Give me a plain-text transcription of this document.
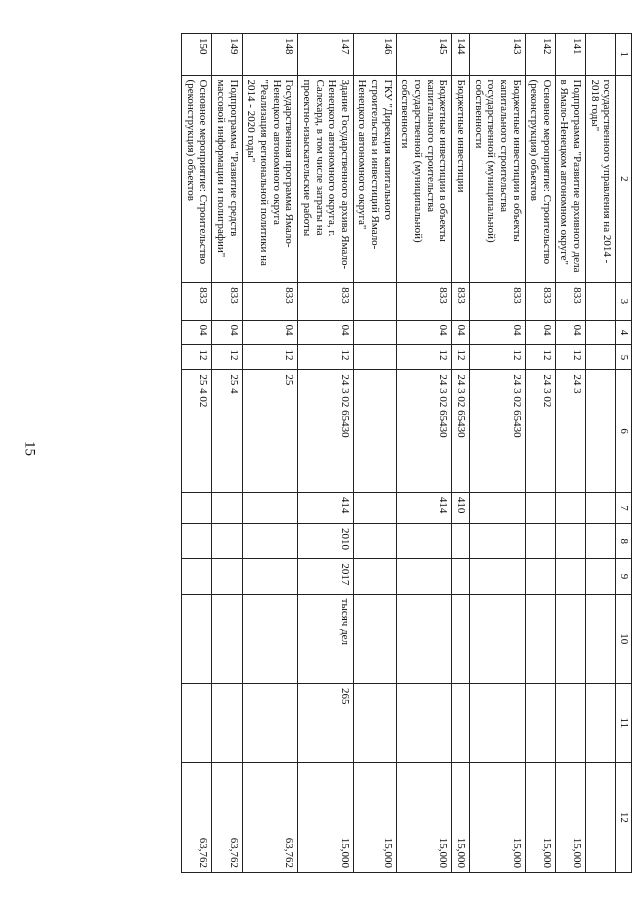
15
1	2	3	4	5	6	7	8	9	10	11	12
	государственного управления на 2014 - 2018 годы"										
141	Подпрограмма "Развитие архивного дела в Ямало-Ненецком автономном округе"	833	04	12	24 3						15,000
142	Основное мероприятие: Строительство (реконструкция) объектов	833	04	12	24 3 02						15,000
143	Бюджетные инвестиции в объекты капитального строительства государственной (муниципальной) собственности	833	04	12	24 3 02 65430						15,000
144	Бюджетные инвестиции	833	04	12	24 3 02 65430	410					15,000
145	Бюджетные инвестиции в объекты капитального строительства государственной (муниципальной) собственности	833	04	12	24 3 02 65430	414					15,000
146	ГКУ "Дирекция капитального строительства и инвестиций Ямало-Ненецкого автономного округа"										15,000
147	Здание Государственного архива Ямало-Ненецкого автономного округа, г. Салехард, в том числе затраты на проектно-изыскательские работы	833	04	12	24 3 02 65430	414	2010	2017	тысяч дел	265	15,000
148	Государственная программа Ямало-Ненецкого автономного округа "Реализация региональной политики на 2014 - 2020 годы"	833	04	12	25						63,762
149	Подпрограмма "Развитие средств массовой информации и полиграфии"	833	04	12	25 4						63,762
150	Основное мероприятие: Строительство (реконструкция) объектов	833	04	12	25 4 02						63,762
